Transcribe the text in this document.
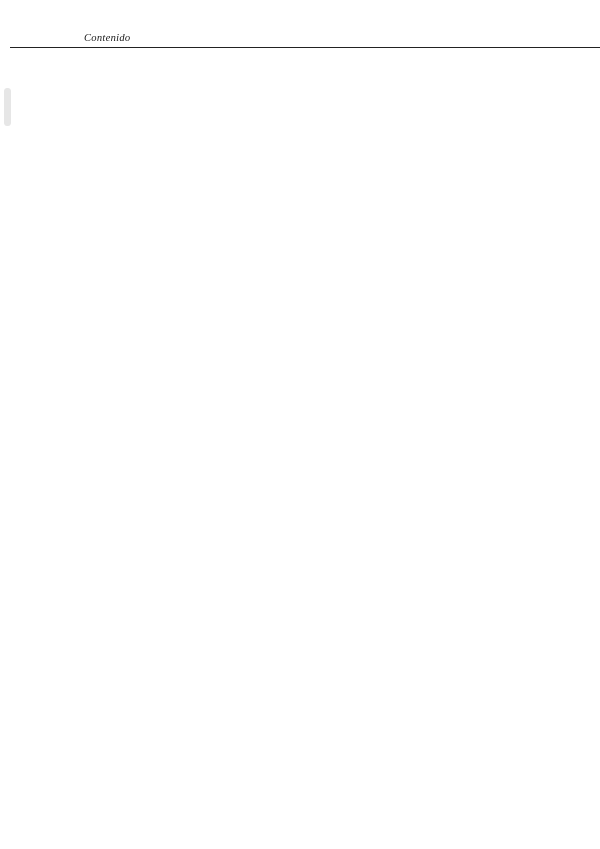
Contenido
